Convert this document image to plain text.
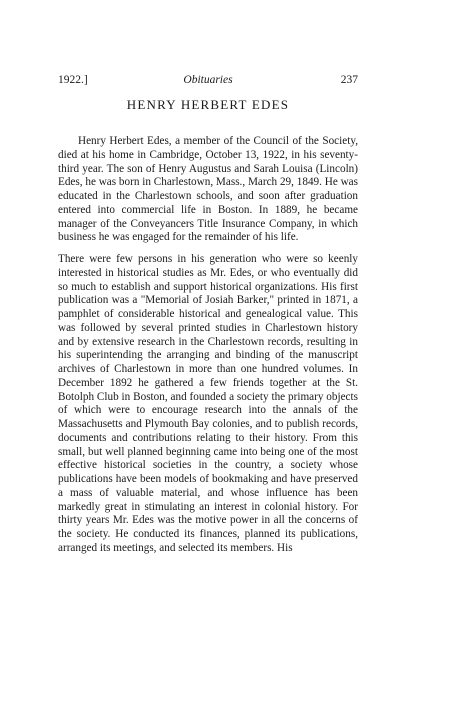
1922.]	Obituaries	237
HENRY HERBERT EDES

Henry Herbert Edes, a member of the Council of the Society, died at his home in Cambridge, October 13, 1922, in his seventy-third year. The son of Henry Augustus and Sarah Louisa (Lincoln) Edes, he was born in Charlestown, Mass., March 29, 1849. He was educated in the Charlestown schools, and soon after graduation entered into commercial life in Boston. In 1889, he became manager of the Conveyancers Title Insurance Company, in which business he was engaged for the remainder of his life.

There were few persons in his generation who were so keenly interested in historical studies as Mr. Edes, or who eventually did so much to establish and support historical organizations. His first publication was a "Memorial of Josiah Barker," printed in 1871, a pamphlet of considerable historical and genealogical value. This was followed by several printed studies in Charlestown history and by extensive research in the Charlestown records, resulting in his superintending the arranging and binding of the manuscript archives of Charlestown in more than one hundred volumes. In December 1892 he gathered a few friends together at the St. Botolph Club in Boston, and founded a society the primary objects of which were to encourage research into the annals of the Massachusetts and Plymouth Bay colonies, and to publish records, documents and contributions relating to their history. From this small, but well planned beginning came into being one of the most effective historical societies in the country, a society whose publications have been models of bookmaking and have preserved a mass of valuable material, and whose influence has been markedly great in stimulating an interest in colonial history. For thirty years Mr. Edes was the motive power in all the concerns of the society. He conducted its finances, planned its publications, arranged its meetings, and selected its members. His
